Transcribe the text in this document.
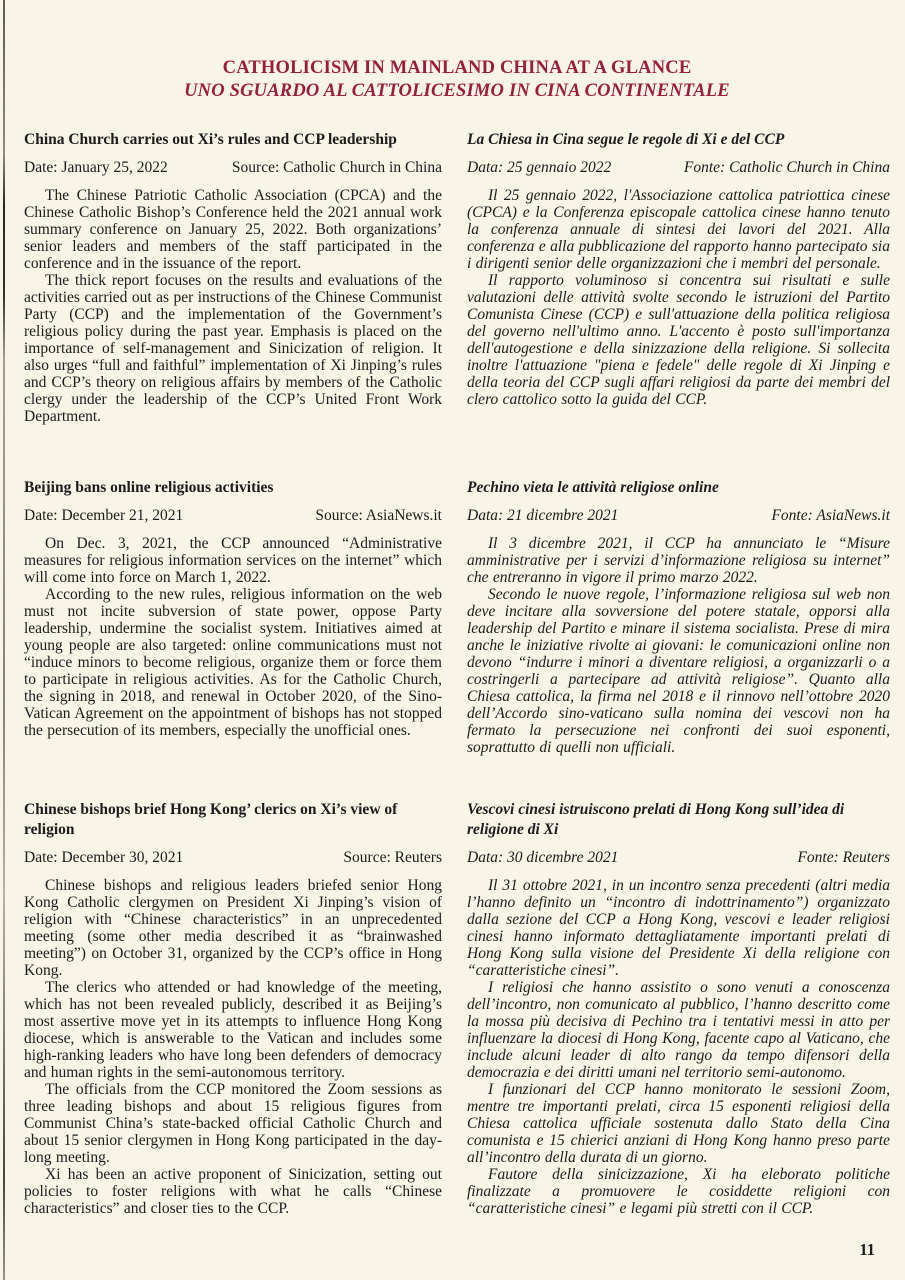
CATHOLICISM IN MAINLAND CHINA AT A GLANCE
UNO SGUARDO AL CATTOLICESIMO IN CINA CONTINENTALE
China Church carries out Xi’s rules and CCP leadership
Date: January 25, 2022	Source: Catholic Church in China

The Chinese Patriotic Catholic Association (CPCA) and the Chinese Catholic Bishop’s Conference held the 2021 annual work summary conference on January 25, 2022. Both organizations’ senior leaders and members of the staff participated in the conference and in the issuance of the report.

The thick report focuses on the results and evaluations of the activities carried out as per instructions of the Chinese Communist Party (CCP) and the implementation of the Government’s religious policy during the past year. Emphasis is placed on the importance of self-management and Sinicization of religion. It also urges “full and faithful” implementation of Xi Jinping’s rules and CCP’s theory on religious affairs by members of the Catholic clergy under the leadership of the CCP’s United Front Work Department.

La Chiesa in Cina segue le regole di Xi e del CCP
Data: 25 gennaio 2022	Fonte: Catholic Church in China

Il 25 gennaio 2022, l'Associazione cattolica patriottica cinese (CPCA) e la Conferenza episcopale cattolica cinese hanno tenuto la conferenza annuale di sintesi dei lavori del 2021. Alla conferenza e alla pubblicazione del rapporto hanno partecipato sia i dirigenti senior delle organizzazioni che i membri del personale.

Il rapporto voluminoso si concentra sui risultati e sulle valutazioni delle attività svolte secondo le istruzioni del Partito Comunista Cinese (CCP) e sull'attuazione della politica religiosa del governo nell'ultimo anno. L'accento è posto sull'importanza dell'autogestione e della sinizzazione della religione. Si sollecita inoltre l'attuazione "piena e fedele" delle regole di Xi Jinping e della teoria del CCP sugli affari religiosi da parte dei membri del clero cattolico sotto la guida del CCP.

Beijing bans online religious activities
Date: December 21, 2021	Source: AsiaNews.it

On Dec. 3, 2021, the CCP announced “Administrative measures for religious information services on the internet” which will come into force on March 1, 2022.

According to the new rules, religious information on the web must not incite subversion of state power, oppose Party leadership, undermine the socialist system. Initiatives aimed at young people are also targeted: online communications must not “induce minors to become religious, organize them or force them to participate in religious activities. As for the Catholic Church, the signing in 2018, and renewal in October 2020, of the Sino-Vatican Agreement on the appointment of bishops has not stopped the persecution of its members, especially the unofficial ones.

Pechino vieta le attività religiose online
Data: 21 dicembre 2021	Fonte: AsiaNews.it

Il 3 dicembre 2021, il CCP ha annunciato le “Misure amministrative per i servizi d’informazione religiosa su internet” che entreranno in vigore il primo marzo 2022.

Secondo le nuove regole, l’informazione religiosa sul web non deve incitare alla sovversione del potere statale, opporsi alla leadership del Partito e minare il sistema socialista. Prese di mira anche le iniziative rivolte ai giovani: le comunicazioni online non devono “indurre i minori a diventare religiosi, a organizzarli o a costringerli a partecipare ad attività religiose”. Quanto alla Chiesa cattolica, la firma nel 2018 e il rinnovo nell’ottobre 2020 dell’Accordo sino-vaticano sulla nomina dei vescovi non ha fermato la persecuzione nei confronti dei suoi esponenti, soprattutto di quelli non ufficiali.

Chinese bishops brief Hong Kong’ clerics on Xi’s view of religion
Date: December 30, 2021	Source: Reuters

Chinese bishops and religious leaders briefed senior Hong Kong Catholic clergymen on President Xi Jinping’s vision of religion with “Chinese characteristics” in an unprecedented meeting (some other media described it as “brainwashed meeting”) on October 31, organized by the CCP’s office in Hong Kong.

The clerics who attended or had knowledge of the meeting, which has not been revealed publicly, described it as Beijing’s most assertive move yet in its attempts to influence Hong Kong diocese, which is answerable to the Vatican and includes some high-ranking leaders who have long been defenders of democracy and human rights in the semi-autonomous territory.

The officials from the CCP monitored the Zoom sessions as three leading bishops and about 15 religious figures from Communist China’s state-backed official Catholic Church and about 15 senior clergymen in Hong Kong participated in the day-long meeting.

Xi has been an active proponent of Sinicization, setting out policies to foster religions with what he calls “Chinese characteristics” and closer ties to the CCP.

Vescovi cinesi istruiscono prelati di Hong Kong sull’idea di religione di Xi
Data: 30 dicembre 2021	Fonte: Reuters

Il 31 ottobre 2021, in un incontro senza precedenti (altri media l’hanno definito un “incontro di indottrinamento”) organizzato dalla sezione del CCP a Hong Kong, vescovi e leader religiosi cinesi hanno informato dettagliatamente importanti prelati di Hong Kong sulla visione del Presidente Xi della religione con “caratteristiche cinesi”.

I religiosi che hanno assistito o sono venuti a conoscenza dell’incontro, non comunicato al pubblico, l’hanno descritto come la mossa più decisiva di Pechino tra i tentativi messi in atto per influenzare la diocesi di Hong Kong, facente capo al Vaticano, che include alcuni leader di alto rango da tempo difensori della democrazia e dei diritti umani nel territorio semi-autonomo.

I funzionari del CCP hanno monitorato le sessioni Zoom, mentre tre importanti prelati, circa 15 esponenti religiosi della Chiesa cattolica ufficiale sostenuta dallo Stato della Cina comunista e 15 chierici anziani di Hong Kong hanno preso parte all’incontro della durata di un giorno.

Fautore della sinicizzazione, Xi ha eleborato politiche finalizzate a promuovere le cosiddette religioni con “caratteristiche cinesi” e legami più stretti con il CCP.

11
